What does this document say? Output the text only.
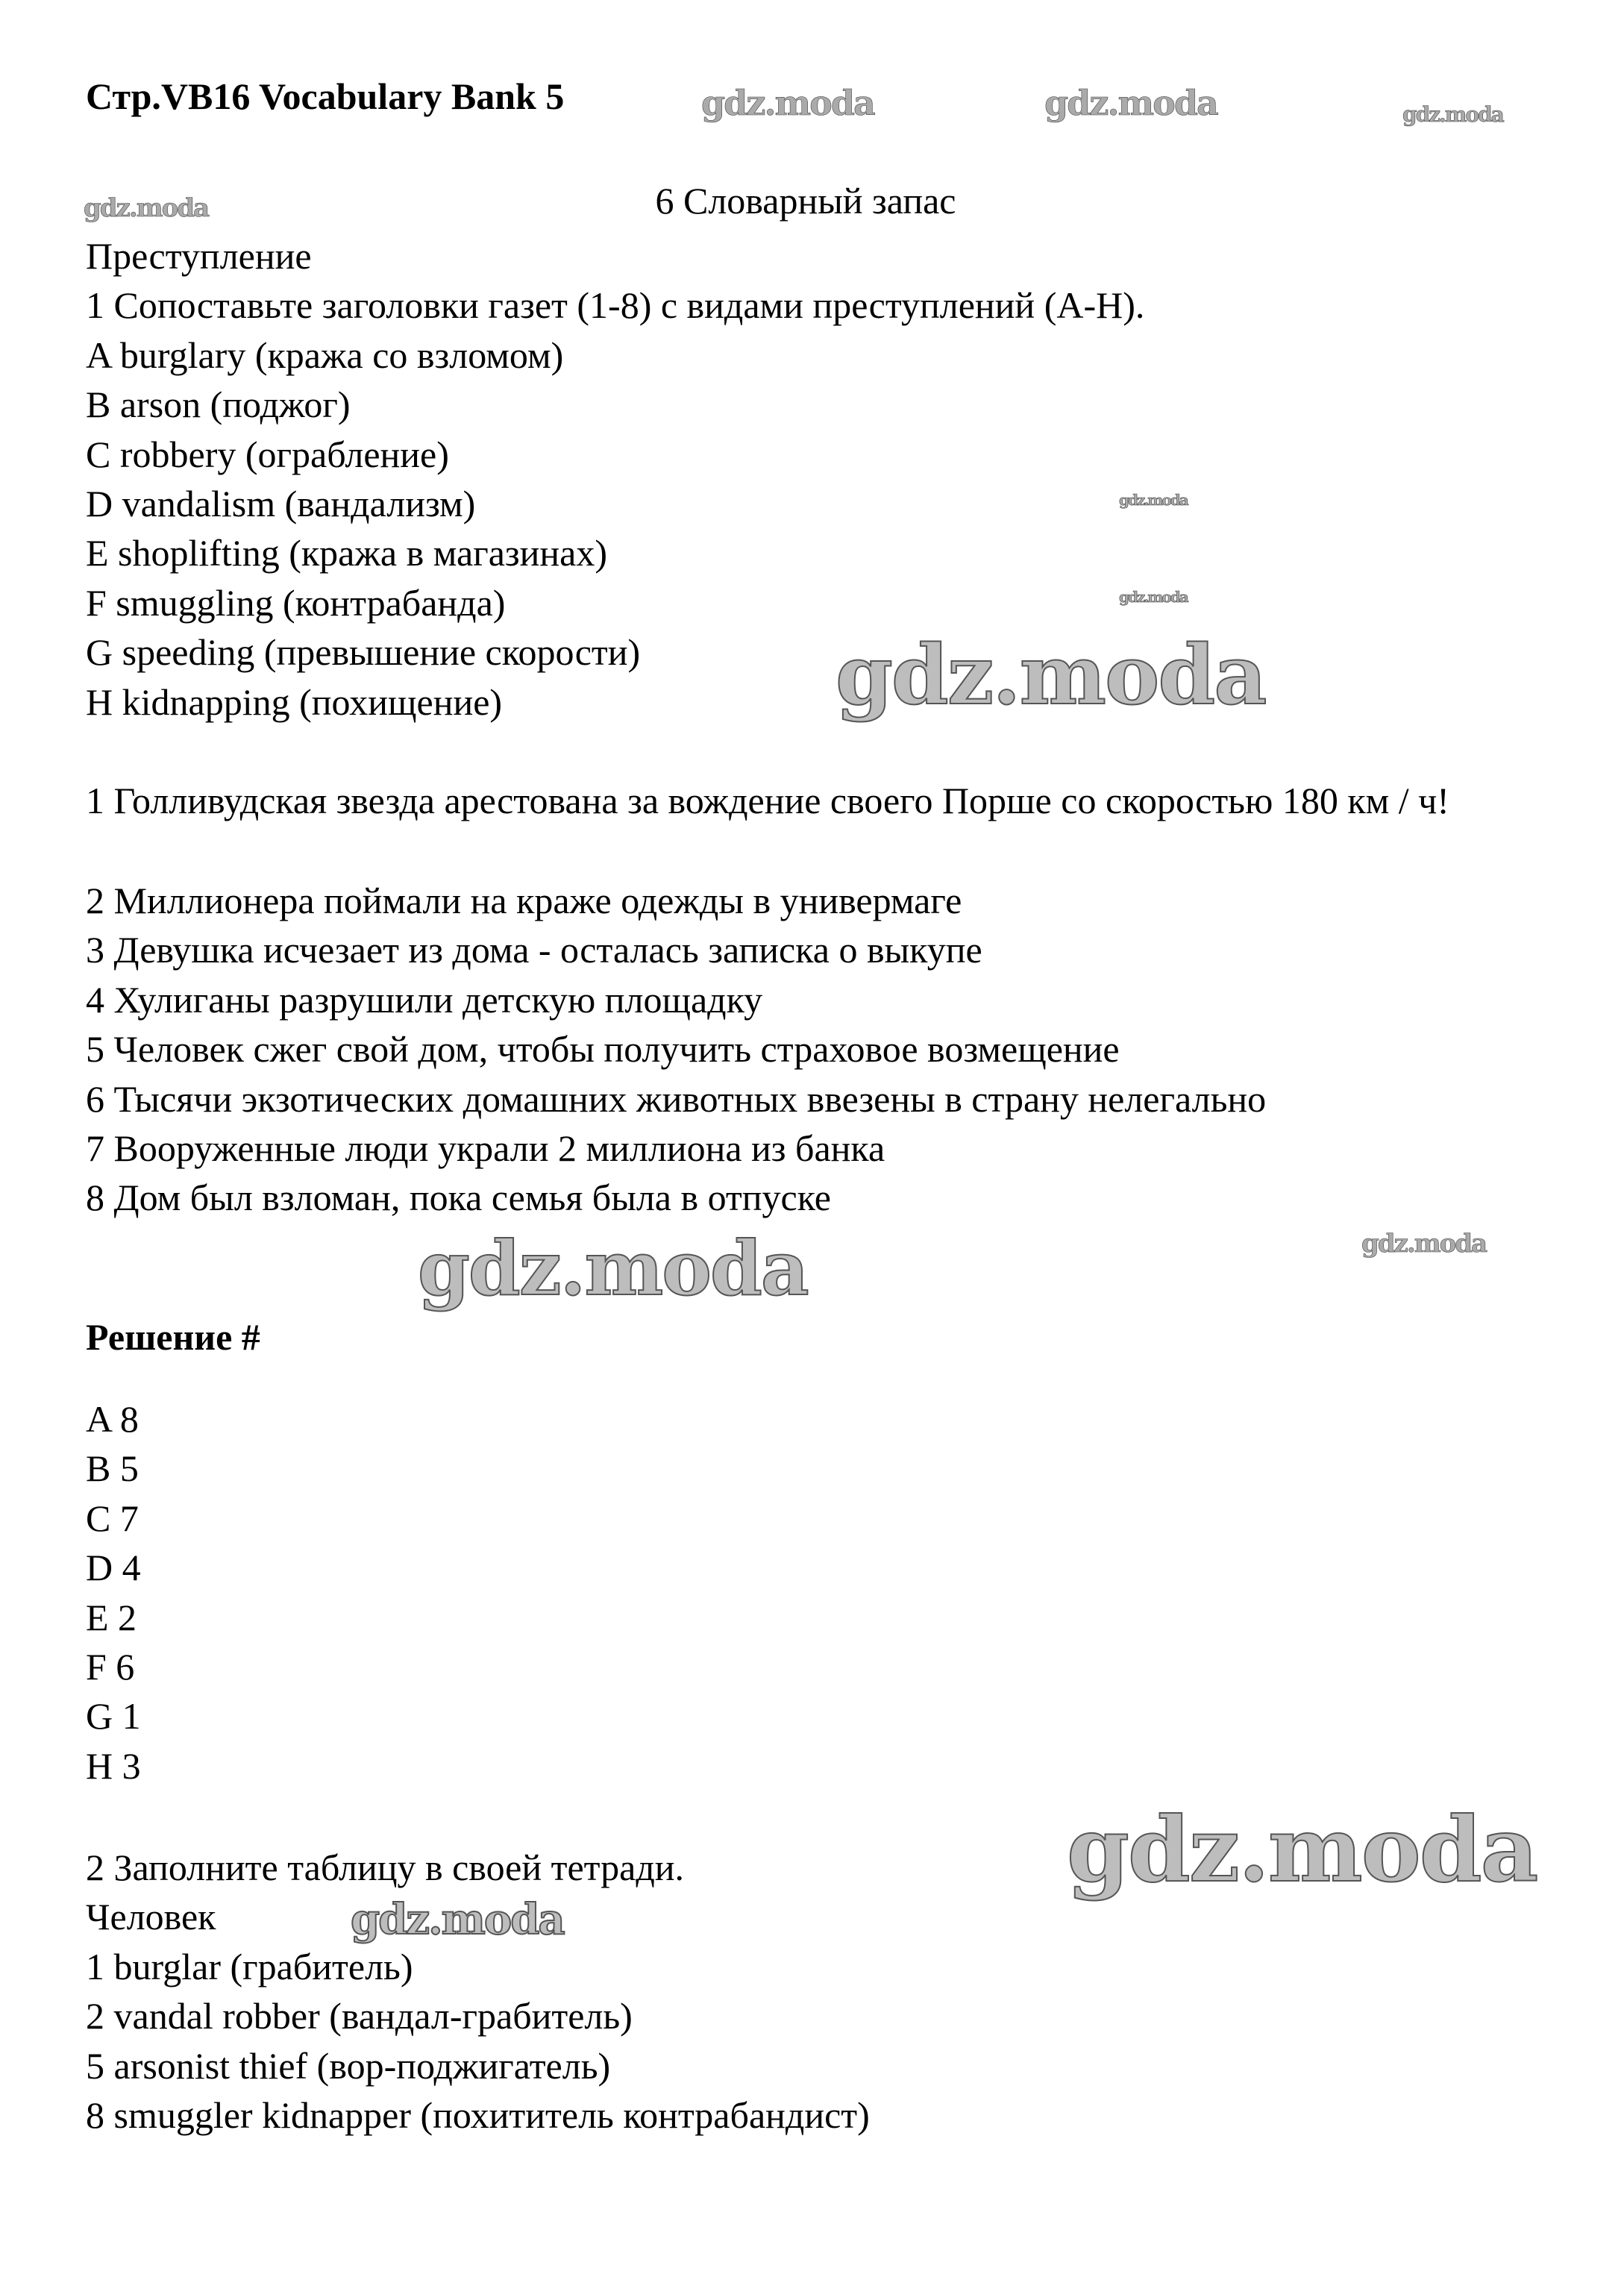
Стр.VB16 Vocabulary Bank 5
6 Словарный запас
Преступление
1 Сопоставьте заголовки газет (1-8) с видами преступлений (A-H).
A burglary (кража со взломом)
B arson (поджог)
C robbery (ограбление)
D vandalism (вандализм)
E shoplifting (кража в магазинах)
F smuggling (контрабанда)
G speeding (превышение скорости)
H kidnapping (похищение)
1 Голливудская звезда арестована за вождение своего Порше со скоростью 180 км / ч!
2 Миллионера поймали на краже одежды в универмаге
3 Девушка исчезает из дома - осталась записка о выкупе
4 Хулиганы разрушили детскую площадку
5 Человек сжег свой дом, чтобы получить страховое возмещение
6 Тысячи экзотических домашних животных ввезены в страну нелегально
7 Вооруженные люди украли 2 миллиона из банка
8 Дом был взломан, пока семья была в отпуске
Решение #
A 8
B 5
C 7
D 4
E 2
F 6
G 1
H 3
2 Заполните таблицу в своей тетради.
Человек
1 burglar (грабитель)
2 vandal robber (вандал-грабитель)
5 arsonist thief (вор-поджигатель)
8 smuggler kidnapper (похититель контрабандист)
gdz.moda	gdz.moda	gdz.moda
gdz.moda
gdz.moda
gdz.moda
gdz.moda
gdz.moda
gdz.moda
gdz.moda
gdz.moda
